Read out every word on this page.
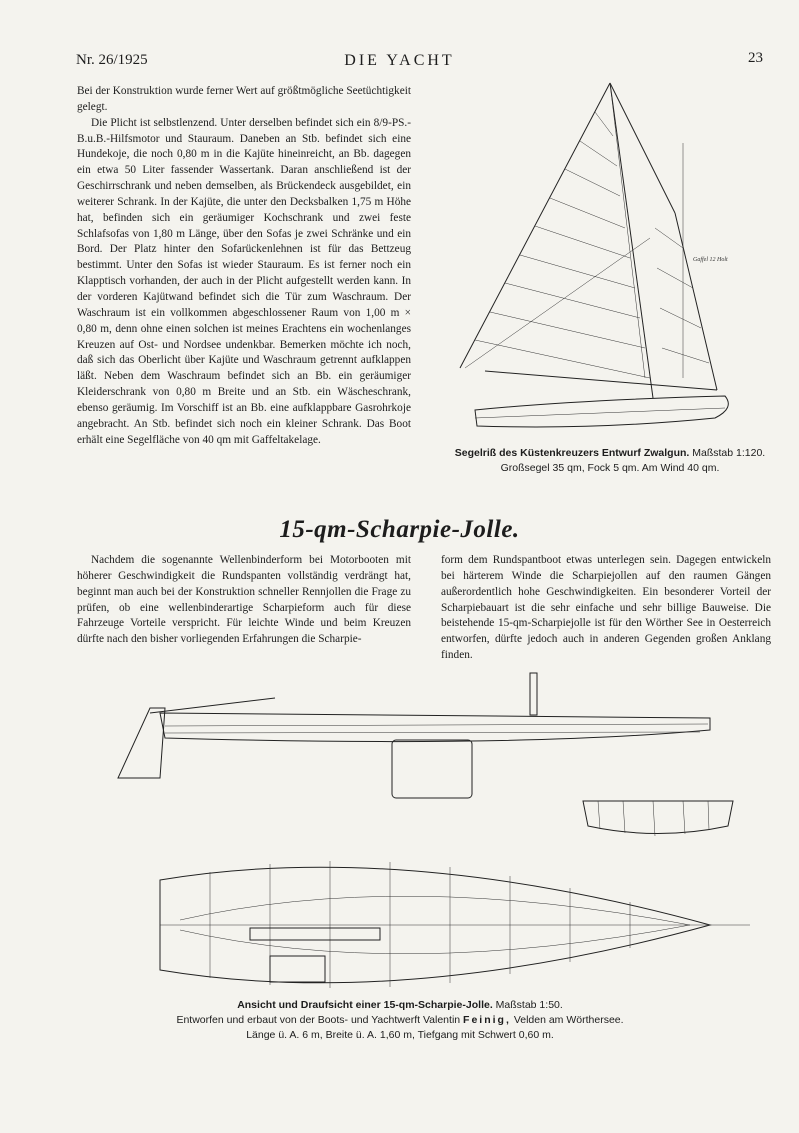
Nr. 26/1925	DIE YACHT	23

Bei der Konstruktion wurde ferner Wert auf größtmögliche Seetüchtigkeit gelegt.

Die Plicht ist selbstlenzend. Unter derselben befindet sich ein 8/9-PS.-B.u.B.-Hilfsmotor und Stauraum. Daneben an Stb. befindet sich eine Hundekoje, die noch 0,80 m in die Kajüte hineinreicht, an Bb. dagegen ein etwa 50 Liter fassender Wassertank. Daran anschließend ist der Geschirrschrank und neben demselben, als Brückendeck ausgebildet, ein weiterer Schrank. In der Kajüte, die unter den Decksbalken 1,75 m Höhe hat, befinden sich ein geräumiger Kochschrank und zwei feste Schlafsofas von 1,80 m Länge, über den Sofas je zwei Schränke und ein Bord. Der Platz hinter den Sofarückenlehnen ist für das Bettzeug bestimmt. Unter den Sofas ist wieder Stauraum. Es ist ferner noch ein Klapptisch vorhanden, der auch in der Plicht aufgestellt werden kann. In der vorderen Kajütwand befindet sich die Tür zum Waschraum. Der Waschraum ist ein vollkommen abgeschlossener Raum von 1,00 m × 0,80 m, denn ohne einen solchen ist meines Erachtens ein wochenlanges Kreuzen auf Ost- und Nordsee undenkbar. Bemerken möchte ich noch, daß sich das Oberlicht über Kajüte und Waschraum getrennt aufklappen läßt. Neben dem Waschraum befindet sich an Bb. ein geräumiger Kleiderschrank von 0,80 m Breite und an Stb. ein Wäscheschrank, ebenso geräumig. Im Vorschiff ist an Bb. eine aufklappbare Gasrohrkoje angebracht. An Stb. befindet sich noch ein kleiner Schrank. Das Boot erhält eine Segelfläche von 40 qm mit Gaffeltakelage.

Gaffel 12 Holt
Segelriß des Küstenkreuzers Entwurf Zwalgun. Maßstab 1:120.
Großsegel 35 qm, Fock 5 qm. Am Wind 40 qm.
15-qm-Scharpie-Jolle.

Nachdem die sogenannte Wellenbinderform bei Motorbooten mit höherer Geschwindigkeit die Rundspanten vollständig verdrängt hat, beginnt man auch bei der Konstruktion schneller Rennjollen die Frage zu prüfen, ob eine wellenbinderartige Scharpieform auch für diese Fahrzeuge Vorteile verspricht. Für leichte Winde und beim Kreuzen dürfte nach den bisher vorliegenden Erfahrungen die Scharpie-

form dem Rundspantboot etwas unterlegen sein. Dagegen entwickeln bei härterem Winde die Scharpiejollen auf den raumen Gängen außerordentlich hohe Geschwindigkeiten. Ein besonderer Vorteil der Scharpiebauart ist die sehr einfache und sehr billige Bauweise. Die beistehende 15-qm-Scharpiejolle ist für den Wörther See in Oesterreich entworfen, dürfte jedoch auch in anderen Gegenden großen Anklang finden.

Ansicht und Draufsicht einer 15-qm-Scharpie-Jolle. Maßstab 1:50.
Entworfen und erbaut von der Boots- und Yachtwerft Valentin Feinig, Velden am Wörthersee.
Länge ü. A. 6 m, Breite ü. A. 1,60 m, Tiefgang mit Schwert 0,60 m.
